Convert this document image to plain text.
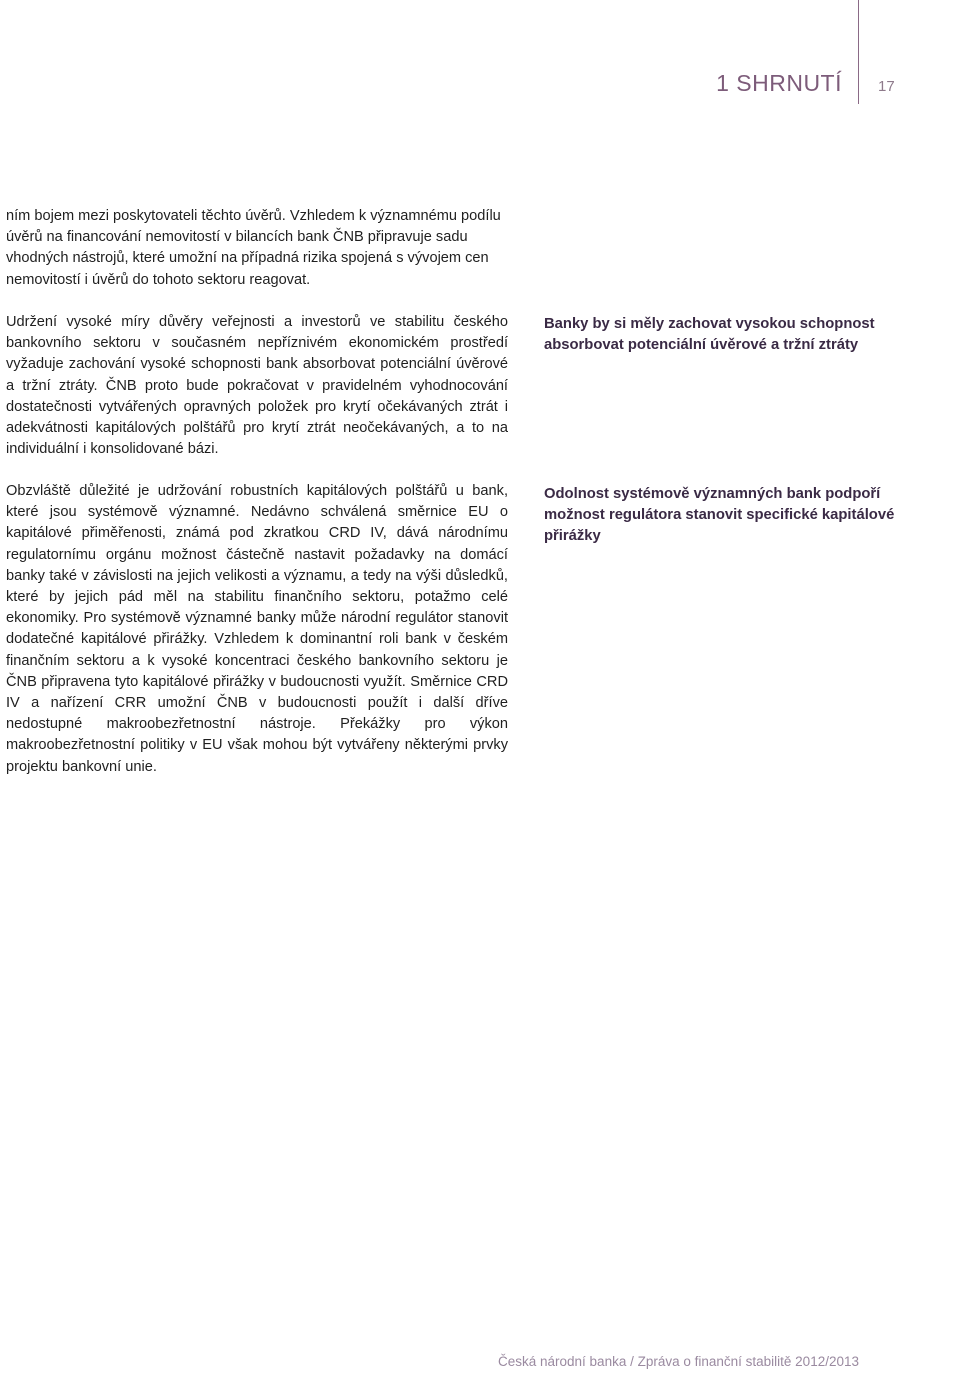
1 SHRNUTÍ 17
ním bojem mezi poskytovateli těchto úvěrů. Vzhledem k významnému podílu úvěrů na financování nemovitostí v bilancích bank ČNB připravuje sadu vhodných nástrojů, které umožní na případná rizika spojená s vývojem cen nemovitostí i úvěrů do tohoto sektoru reagovat.
Udržení vysoké míry důvěry veřejnosti a investorů ve stabilitu českého bankovního sektoru v současném nepříznivém ekonomickém prostředí vyžaduje zachování vysoké schopnosti bank absorbovat potenciální úvěrové a tržní ztráty. ČNB proto bude pokračovat v pravidelném vyhodnocování dostatečnosti vytvářených opravných položek pro krytí očekávaných ztrát i adekvátnosti kapitálových polštářů pro krytí ztrát neočekávaných, a to na individuální i konsolidované bázi.
Obzvláště důležité je udržování robustních kapitálových polštářů u bank, které jsou systémově významné. Nedávno schválená směrnice EU o kapitálové přiměřenosti, známá pod zkratkou CRD IV, dává národnímu regulatornímu orgánu možnost částečně nastavit požadavky na domácí banky také v závislosti na jejich velikosti a významu, a tedy na výši důsledků, které by jejich pád měl na stabilitu finančního sektoru, potažmo celé ekonomiky. Pro systémově významné banky může národní regulátor stanovit dodatečné kapitálové přirážky. Vzhledem k dominantní roli bank v českém finančním sektoru a k vysoké koncentraci českého bankovního sektoru je ČNB připravena tyto kapitálové přirážky v budoucnosti využít. Směrnice CRD IV a nařízení CRR umožní ČNB v budoucnosti použít i další dříve nedostupné makroobezřetnostní nástroje. Překážky pro výkon makroobezřetnostní politiky v EU však mohou být vytvářeny některými prvky projektu bankovní unie.
Banky by si měly zachovat vysokou schopnost absorbovat potenciální úvěrové a tržní ztráty
Odolnost systémově významných bank podpoří možnost regulátora stanovit specifické kapitálové přirážky
Česká národní banka / Zpráva o finanční stabilitě 2012/2013
